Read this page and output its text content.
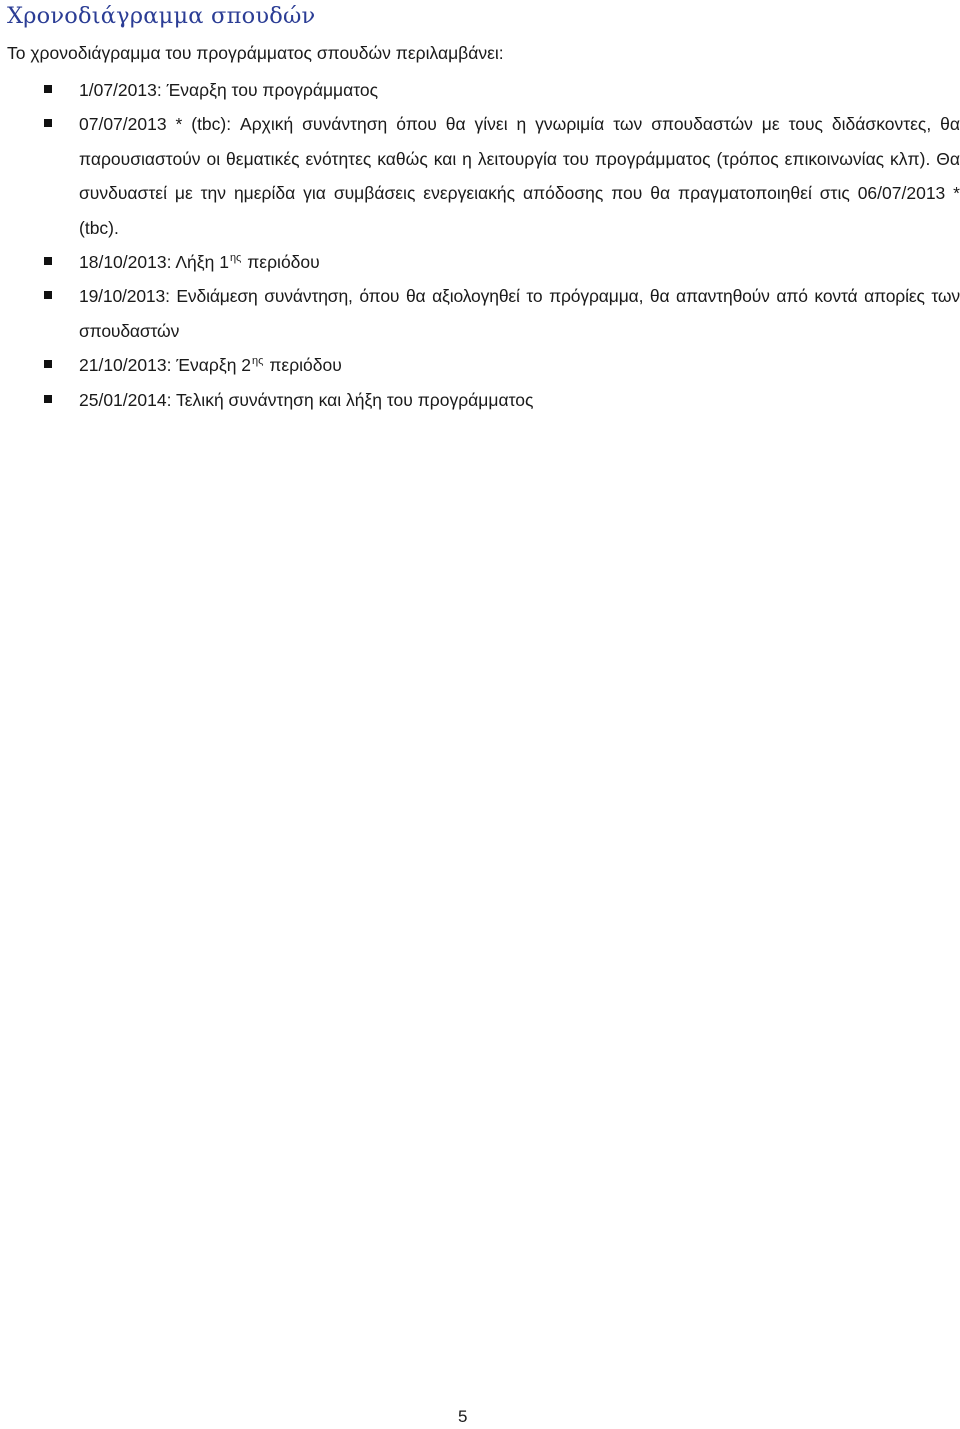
Χρονοδιάγραμμα σπουδών

Το χρονοδιάγραμμα του προγράμματος σπουδών περιλαμβάνει:

1/07/2013: Έναρξη του προγράμματος
07/07/2013 * (tbc): Αρχική συνάντηση όπου θα γίνει η γνωριμία των σπουδαστών με τους διδάσκοντες, θα παρουσιαστούν οι θεματικές ενότητες καθώς και η λειτουργία του προγράμματος (τρόπος επικοινωνίας κλπ). Θα συνδυαστεί με την ημερίδα για συμβάσεις ενεργειακής απόδοσης που θα πραγματοποιηθεί στις 06/07/2013 * (tbc).
18/10/2013: Λήξη $1^{\eta\varsigma}$ περιόδου
19/10/2013: Ενδιάμεση συνάντηση, όπου θα αξιολογηθεί το πρόγραμμα, θα απαντηθούν από κοντά απορίες των σπουδαστών
21/10/2013: Έναρξη $2^{\eta\varsigma}$ περιόδου
25/01/2014: Τελική συνάντηση και λήξη του προγράμματος
5
